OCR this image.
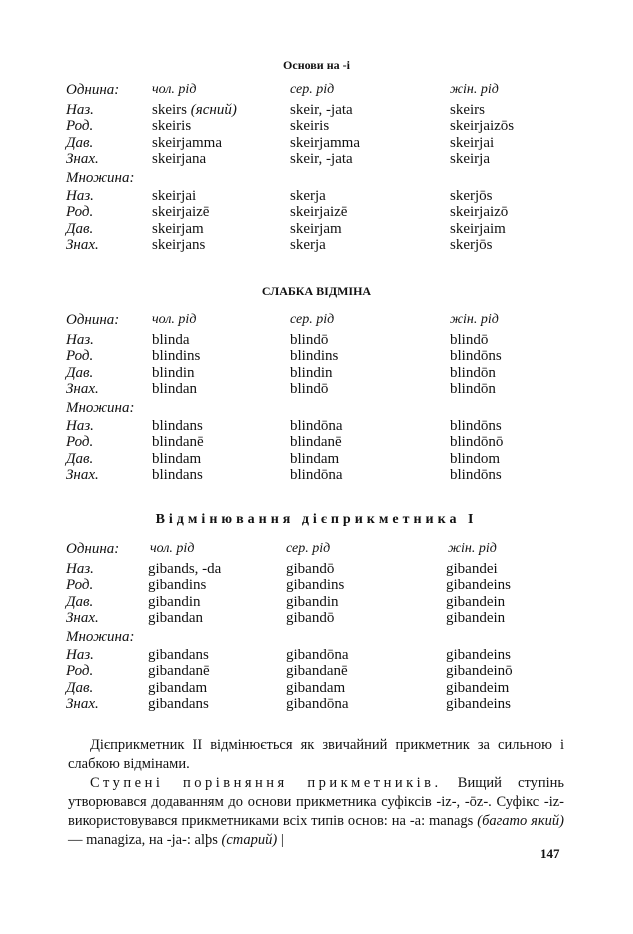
Основи на -i
Однина: чол. рід	сер. рід	жін. рід
Наз.	skeirs (ясний)	skeir, -jata	skeirs
Род.	skeiris	skeiris	skeirjaizōs
Дав.	skeirjamma	skeirjamma	skeirjai
Знах.	skeirjana	skeir, -jata	skeirja
Множина:
Наз.	skeirjai	skerja	skerjōs
Род.	skeirjaizē	skeirjaizē	skeirjaizō
Дав.	skeirjam	skeirjam	skeirjaim
Знах.	skeirjans	skerja	skerjōs
СЛАБКА ВІДМІНА
Однина: чол. рід	сер. рід	жін. рід
Наз.	blinda	blindō	blindō
Род.	blindins	blindins	blindōns
Дав.	blindin	blindin	blindōn
Знах.	blindan	blindō	blindōn
Множина:
Наз.	blindans	blindōna	blindōns
Род.	blindanē	blindanē	blindōnō
Дав.	blindam	blindam	blindom
Знах.	blindans	blindōna	blindōns
Відмінювання дієприкметника I
Однина: чол. рід	сер. рід	жін. рід
Наз.	gibands, -da	gibandō	gibandei
Род.	gibandins	gibandins	gibandeins
Дав.	gibandin	gibandin	gibandein
Знах.	gibandan	gibandō	gibandein
Множина:
Наз.	gibandans	gibandōna	gibandeins
Род.	gibandanē	gibandanē	gibandeinō
Дав.	gibandam	gibandam	gibandeim
Знах.	gibandans	gibandōna	gibandeins

Дієприкметник II відмінюється як звичайний прикметник за сильною і слабкою відмінами.

Ступені порівняння прикметників. Вищий ступінь утворювався додаванням до основи прикметника суфіксів -iz-, -ōz-. Суфікс -iz- використовувався прикметниками всіх типів основ: на -a: manags (багато який) — managiza, на -ja-: alþs (старий) |

147
